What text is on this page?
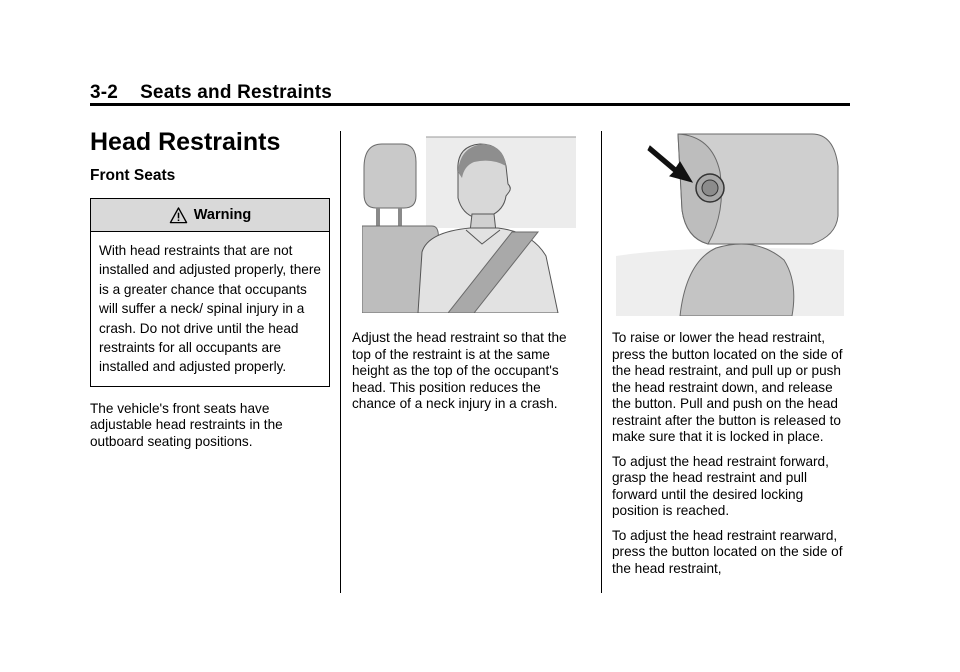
3-2 Seats and Restraints
Head Restraints
Front Seats
Warning
With head restraints that are not installed and adjusted properly, there is a greater chance that occupants will suffer a neck/ spinal injury in a crash. Do not drive until the head restraints for all occupants are installed and adjusted properly.

The vehicle's front seats have adjustable head restraints in the outboard seating positions.

Adjust the head restraint so that the top of the restraint is at the same height as the top of the occupant's head. This position reduces the chance of a neck injury in a crash.

To raise or lower the head restraint, press the button located on the side of the head restraint, and pull up or push the head restraint down, and release the button. Pull and push on the head restraint after the button is released to make sure that it is locked in place.

To adjust the head restraint forward, grasp the head restraint and pull forward until the desired locking position is reached.

To adjust the head restraint rearward, press the button located on the side of the head restraint,
